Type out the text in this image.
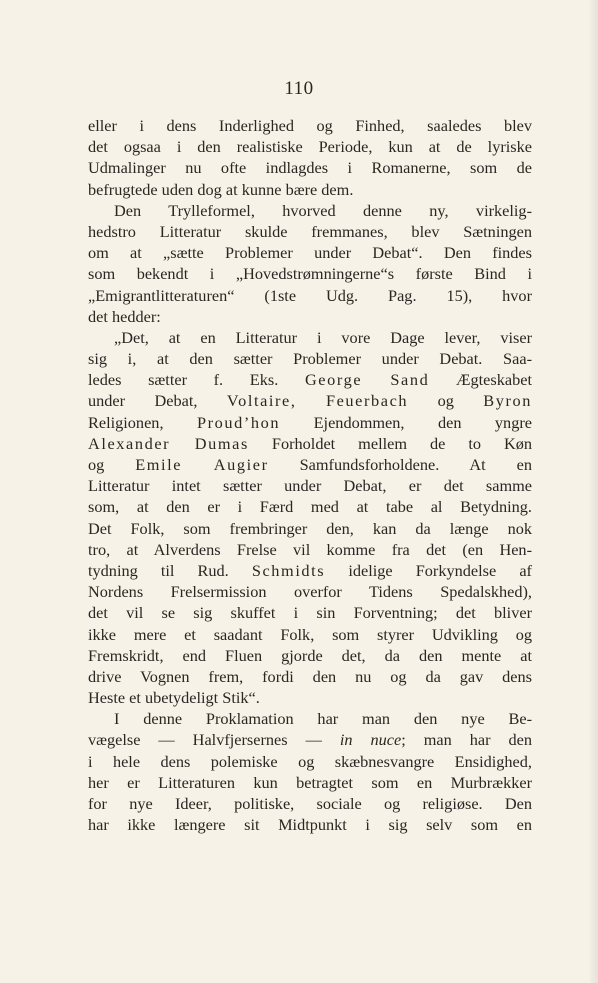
110
eller i dens Inderlighed og Finhed, saaledes blev
det ogsaa i den realistiske Periode, kun at de lyriske
Udmalinger nu ofte indlagdes i Romanerne, som de
befrugtede uden dog at kunne bære dem.
Den Trylleformel, hvorved denne ny, virkelig-
hedstro Litteratur skulde fremmanes, blev Sætningen
om at „sætte Problemer under Debat“. Den findes
som bekendt i „Hovedstrømningerne“s første Bind i
„Emigrantlitteraturen“ (1ste Udg. Pag. 15), hvor
det hedder:
„Det, at en Litteratur i vore Dage lever, viser
sig i, at den sætter Problemer under Debat. Saa-
ledes sætter f. Eks. George Sand Ægteskabet
under Debat, Voltaire, Feuerbach og Byron
Religionen, Proud’hon Ejendommen, den yngre
Alexander Dumas Forholdet mellem de to Køn
og Emile Augier Samfundsforholdene. At en
Litteratur intet sætter under Debat, er det samme
som, at den er i Færd med at tabe al Betydning.
Det Folk, som frembringer den, kan da længe nok
tro, at Alverdens Frelse vil komme fra det (en Hen-
tydning til Rud. Schmidts idelige Forkyndelse af
Nordens Frelsermission overfor Tidens Spedalskhed),
det vil se sig skuffet i sin Forventning; det bliver
ikke mere et saadant Folk, som styrer Udvikling og
Fremskridt, end Fluen gjorde det, da den mente at
drive Vognen frem, fordi den nu og da gav dens
Heste et ubetydeligt Stik“.
I denne Proklamation har man den nye Be-
vægelse — Halvfjersernes — in nuce; man har den
i hele dens polemiske og skæbnesvangre Ensidighed,
her er Litteraturen kun betragtet som en Murbrækker
for nye Ideer, politiske, sociale og religiøse. Den
har ikke længere sit Midtpunkt i sig selv som en
